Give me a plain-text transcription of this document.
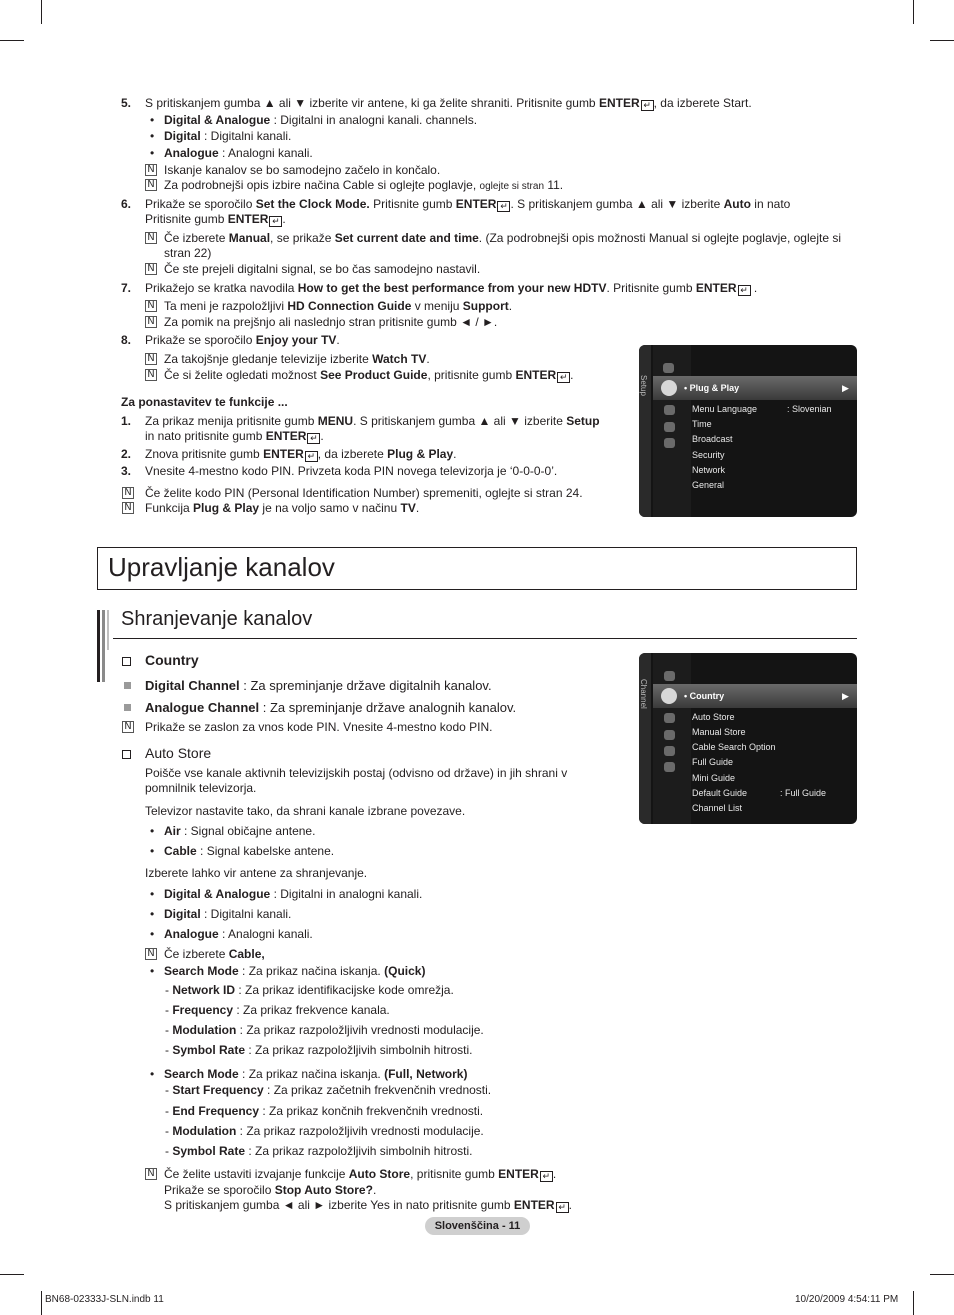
5. S pritiskanjem gumba ▲ ali ▼ izberite vir antene, ki ga želite shraniti. Pritisnite gumb ENTER ↵ , da izberete Start.
• Digital & Analogue : Digitalni in analogni kanali. channels.
• Digital : Digitalni kanali.
• Analogue : Analogni kanali.
N Iskanje kanalov se bo samodejno začelo in končalo.
N Za podrobnejši opis izbire načina Cable si oglejte poglavje, oglejte si stran 11.
6. Prikaže se sporočilo Set the Clock Mode. Pritisnite gumb ENTER ↵ . S pritiskanjem gumba ▲ ali ▼ izberite Auto in nato
Pritisnite gumb ENTER ↵ .
N Če izberete Manual, se prikaže Set current date and time. (Za podrobnejši opis možnosti Manual si oglejte poglavje, oglejte si
stran 22)
N Če ste prejeli digitalni signal, se bo čas samodejno nastavil.
7. Prikažejo se kratka navodila How to get the best performance from your new HDTV. Pritisnite gumb ENTER ↵ .
N Ta meni je razpoložljivi HD Connection Guide v meniju Support.
N Za pomik na prejšnjo ali naslednjo stran pritisnite gumb ◄ / ►.
8. Prikaže se sporočilo Enjoy your TV.
N Za takojšnje gledanje televizije izberite Watch TV.
N Če si želite ogledati možnost See Product Guide, pritisnite gumb ENTER ↵ .
Za ponastavitev te funkcije ...
1. Za prikaz menija pritisnite gumb MENU. S pritiskanjem gumba ▲ ali ▼ izberite Setup
in nato pritisnite gumb ENTER ↵ .
2. Znova pritisnite gumb ENTER ↵ , da izberete Plug & Play.
3. Vnesite 4-mestno kodo PIN. Privzeta koda PIN novega televizorja je ‘0-0-0-0’.
N Če želite kodo PIN (Personal Identification Number) spremeniti, oglejte si stran 24.
N Funkcija Plug & Play je na voljo samo v načinu TV.
Setup	• Plug & Play	▶
Menu Language	: Slovenian
Time
Broadcast
Security
Network
General
Upravljanje kanalov
Shranjevanje kanalov
Country
Digital Channel : Za spreminjanje države digitalnih kanalov.
Analogue Channel : Za spreminjanje države analognih kanalov.
N Prikaže se zaslon za vnos kode PIN. Vnesite 4-mestno kodo PIN.
Channel	• Country	▶
Auto Store
Manual Store
Cable Search Option
Full Guide
Mini Guide
Default Guide	: Full Guide
Channel List
Auto Store
Poišče vse kanale aktivnih televizijskih postaj (odvisno od države) in jih shrani v
pomnilnik televizorja.
Televizor nastavite tako, da shrani kanale izbrane povezave.
• Air : Signal običajne antene.
• Cable : Signal kabelske antene.
Izberete lahko vir antene za shranjevanje.
• Digital & Analogue : Digitalni in analogni kanali.
• Digital : Digitalni kanali.
• Analogue : Analogni kanali.
N Če izberete Cable,
• Search Mode : Za prikaz načina iskanja. (Quick)
- Network ID : Za prikaz identifikacijske kode omrežja.
- Frequency : Za prikaz frekvence kanala.
- Modulation : Za prikaz razpoložljivih vrednosti modulacije.
- Symbol Rate : Za prikaz razpoložljivih simbolnih hitrosti.
• Search Mode : Za prikaz načina iskanja. (Full, Network)
- Start Frequency : Za prikaz začetnih frekvenčnih vrednosti.
- End Frequency : Za prikaz končnih frekvenčnih vrednosti.
- Modulation : Za prikaz razpoložljivih vrednosti modulacije.
- Symbol Rate : Za prikaz razpoložljivih simbolnih hitrosti.
N Če želite ustaviti izvajanje funkcije Auto Store, pritisnite gumb ENTER ↵ .
Prikaže se sporočilo Stop Auto Store?.
S pritiskanjem gumba ◄ ali ► izberite Yes in nato pritisnite gumb ENTER ↵ .
Slovenščina - 11
BN68-02333J-SLN.indb 11	10/20/2009 4:54:11 PM
